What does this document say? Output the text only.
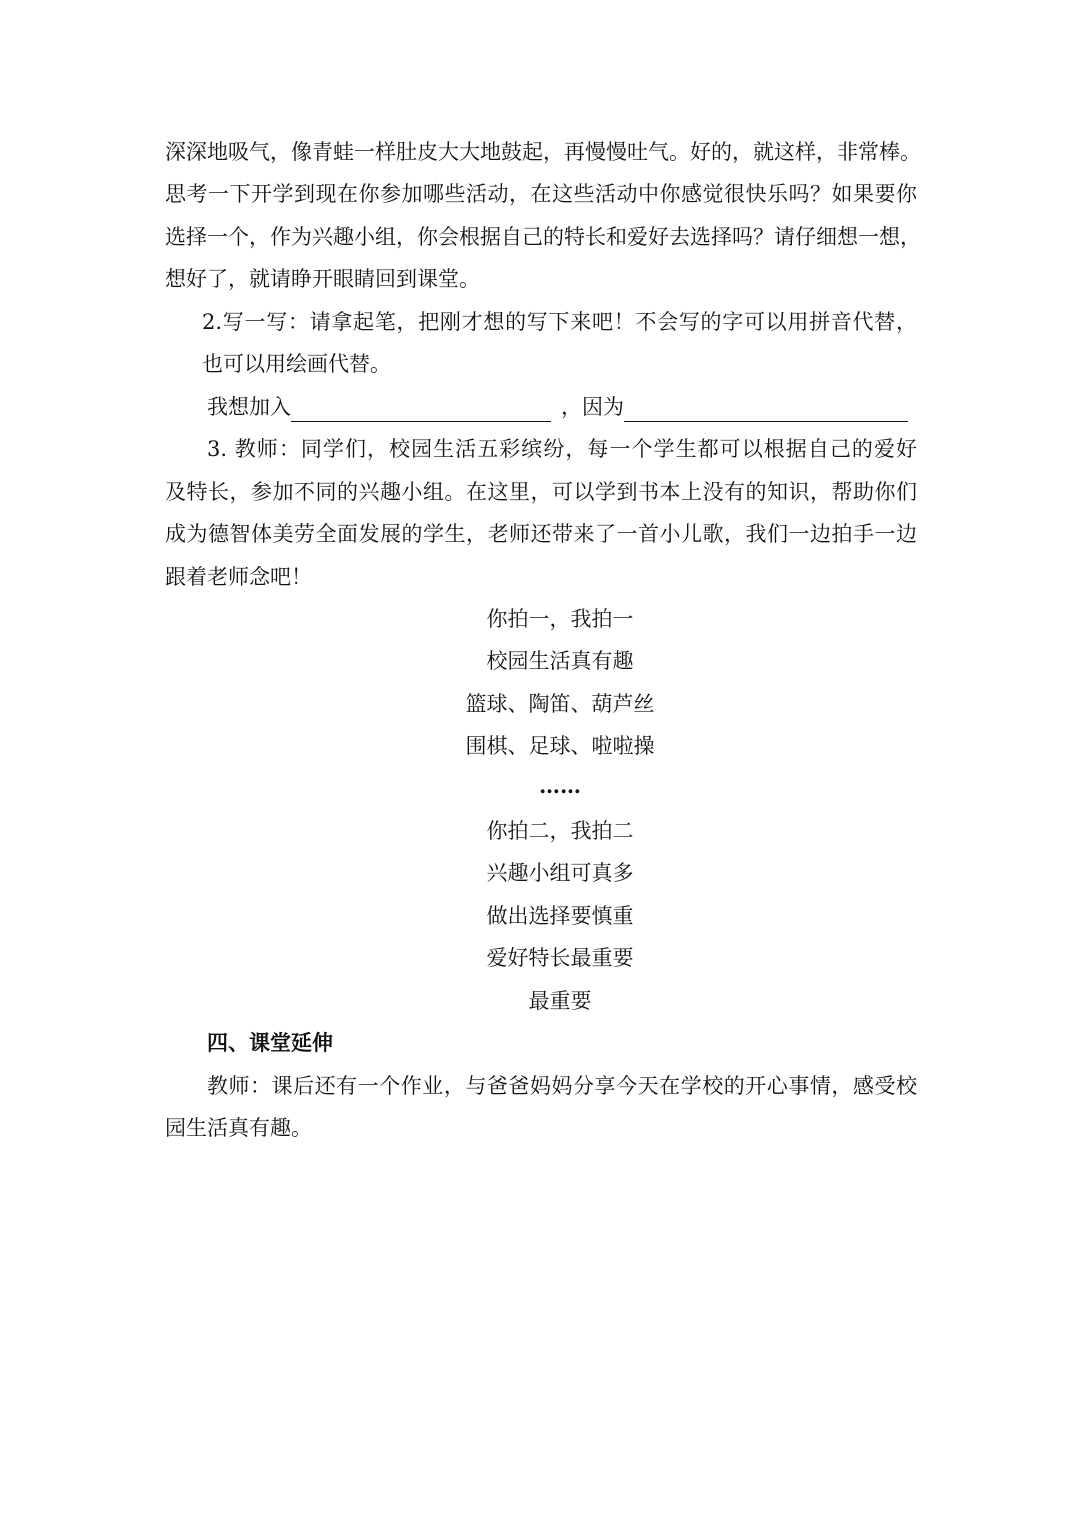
深深地吸气，像青蛙一样肚皮大大地鼓起，再慢慢吐气。好的，就这样，非常棒。
思考一下开学到现在你参加哪些活动，在这些活动中你感觉很快乐吗？如果要你
选择一个，作为兴趣小组，你会根据自己的特长和爱好去选择吗？请仔细想一想，
想好了，就请睁开眼睛回到课堂。
2.写一写：请拿起笔，把刚才想的写下来吧！不会写的字可以用拼音代替，
也可以用绘画代替。
我想加入	，因为
3. 教师：同学们，校园生活五彩缤纷，每一个学生都可以根据自己的爱好
及特长，参加不同的兴趣小组。在这里，可以学到书本上没有的知识，帮助你们
成为德智体美劳全面发展的学生，老师还带来了一首小儿歌，我们一边拍手一边
跟着老师念吧！
你拍一，我拍一
校园生活真有趣
篮球、陶笛、葫芦丝
围棋、足球、啦啦操
……
你拍二，我拍二
兴趣小组可真多
做出选择要慎重
爱好特长最重要
最重要
四、课堂延伸
教师：课后还有一个作业，与爸爸妈妈分享今天在学校的开心事情，感受校
园生活真有趣。
